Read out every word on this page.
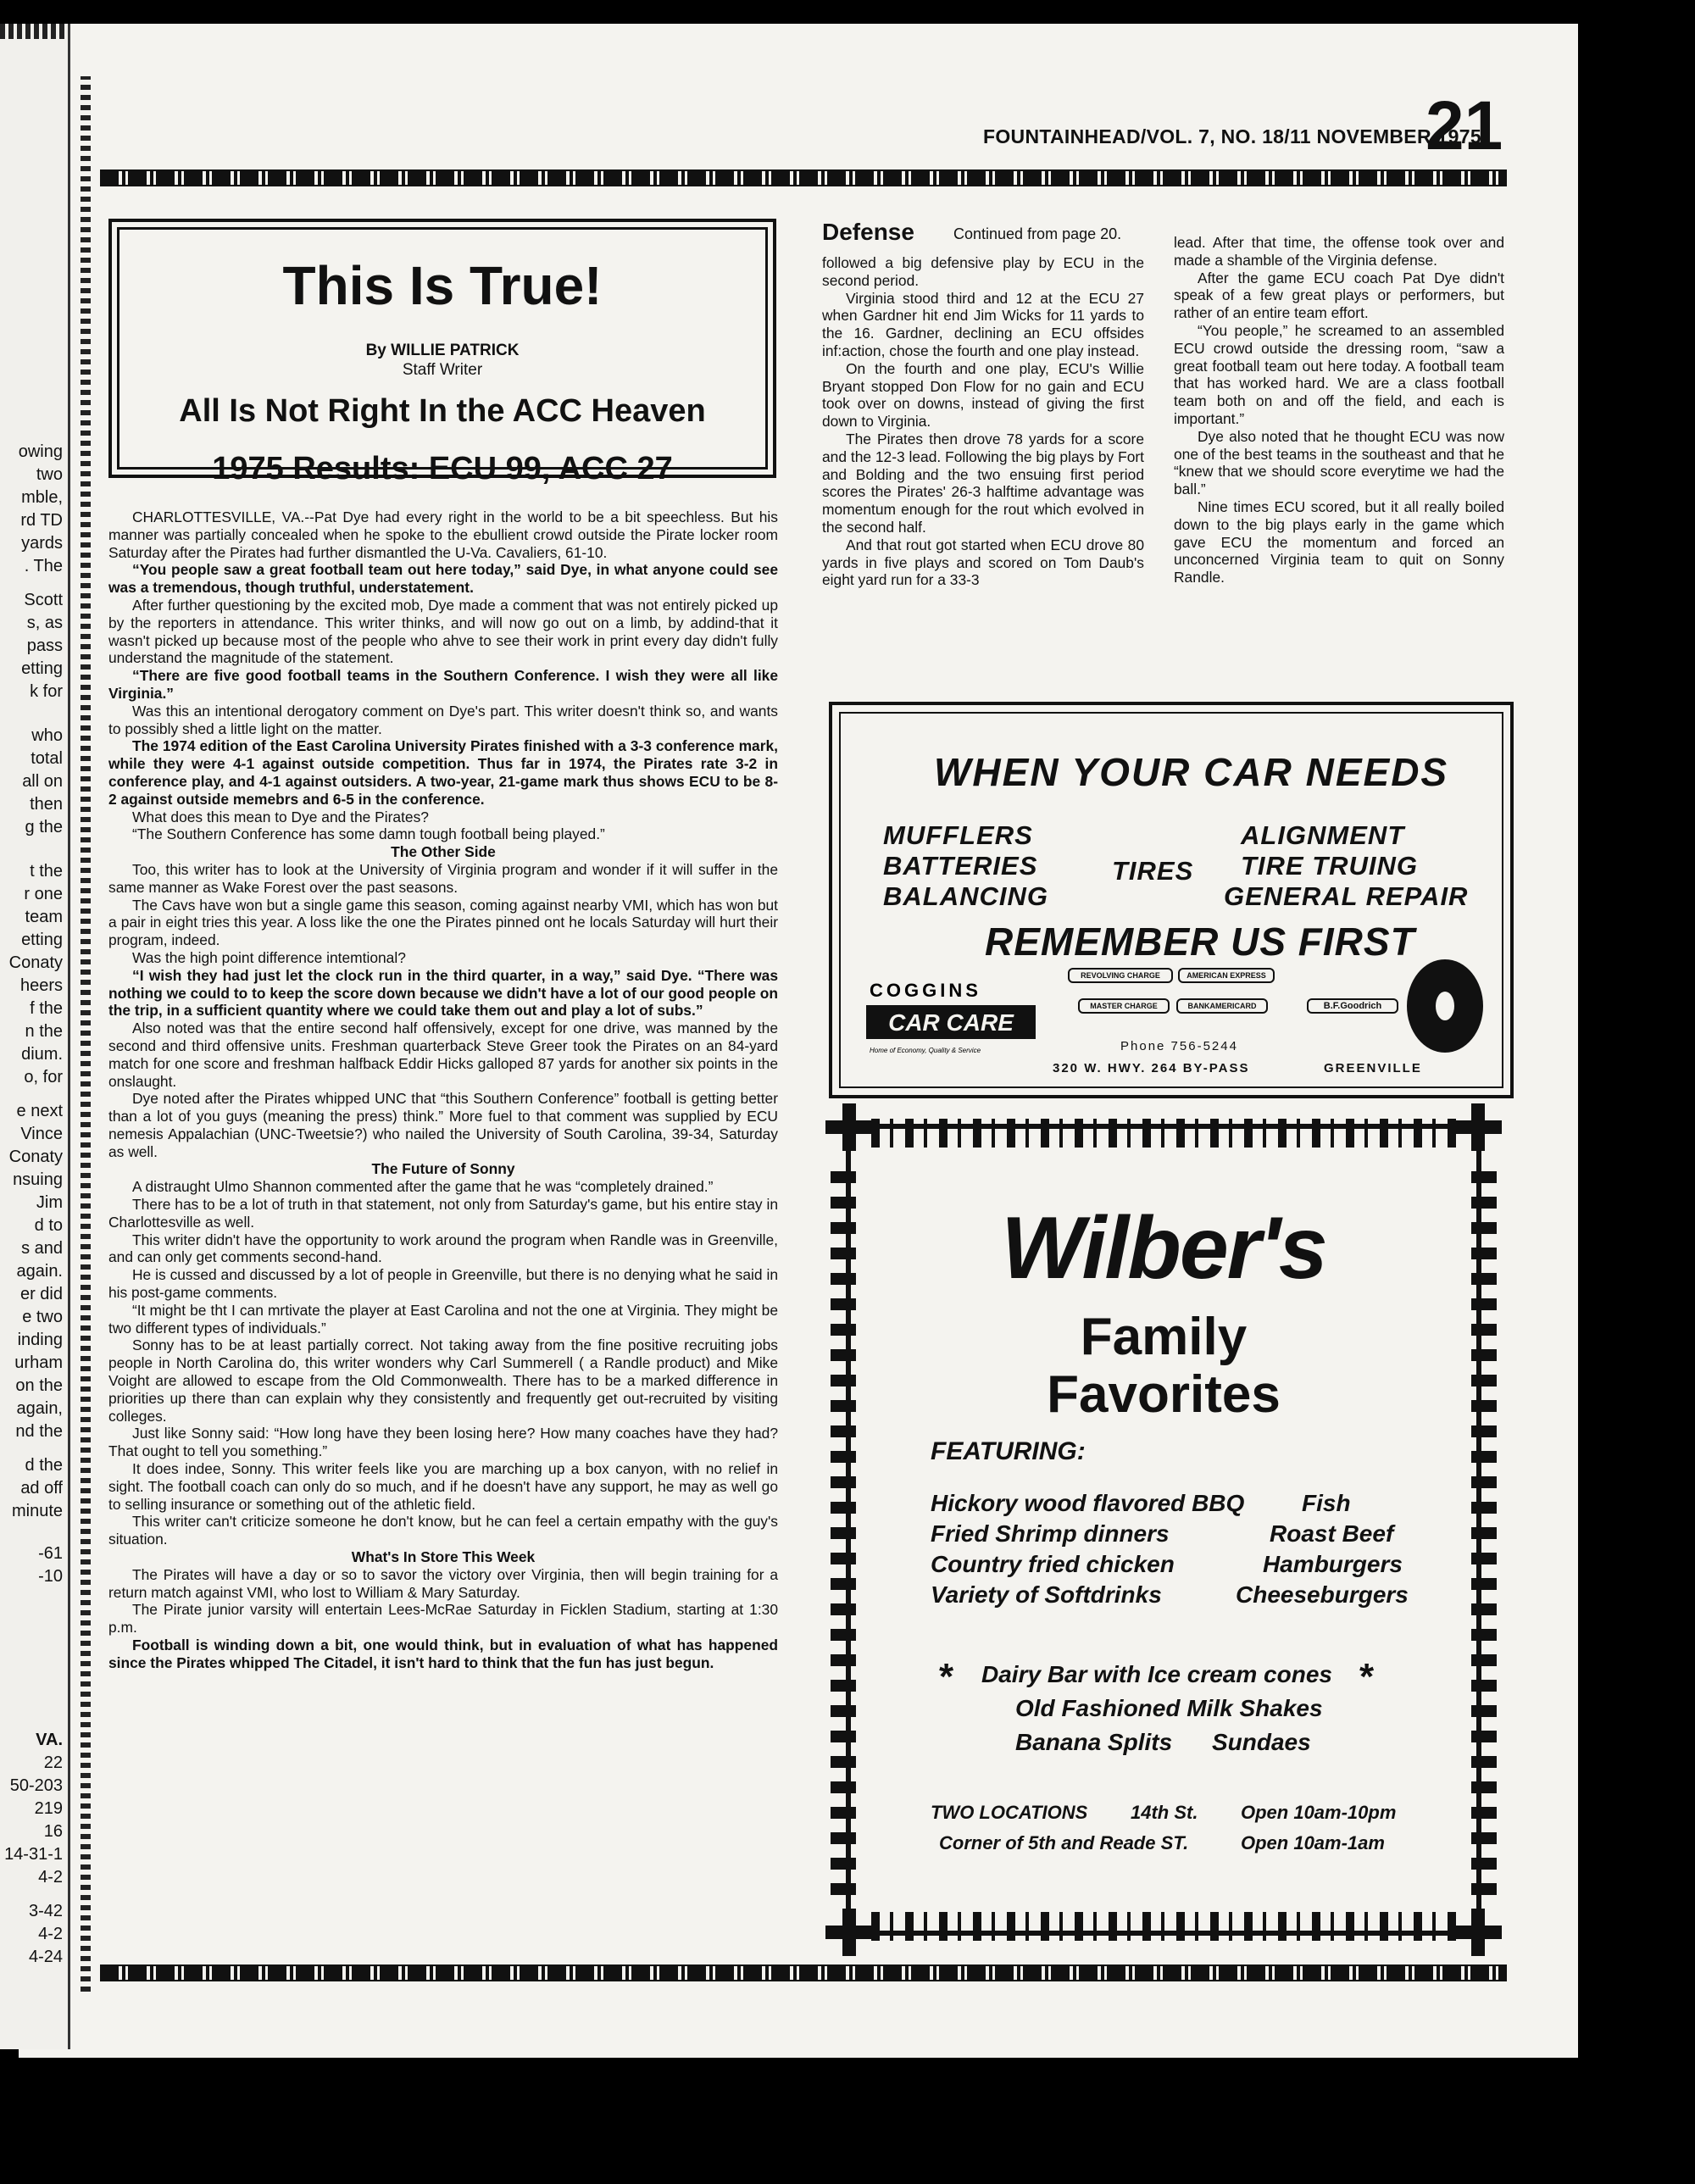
owing
two
mble,
rd TD
yards
. The
Scott
s, as
pass
etting
k for
who
total
all on
then
g the
t the
r one
team
etting
Conaty
heers
f the
n the
dium.
o, for
e next
Vince
Conaty
nsuing
Jim
d to
s and
again.
er did
e two
inding
urham
on the
again,
nd the
d the
ad off
minute
-61
-10
VA.
22
50-203
219
16
14-31-1
4-2
3-42
4-2
4-24
FOUNTAINHEAD/VOL. 7, NO. 18/11 NOVEMBER 1975
21
This Is True!
By WILLIE PATRICK
Staff Writer
All Is Not Right In the ACC Heaven
1975 Results: ECU 99, ACC 27

CHARLOTTESVILLE, VA.--Pat Dye had every right in the world to be a bit speechless. But his manner was partially concealed when he spoke to the ebullient crowd outside the Pirate locker room Saturday after the Pirates had further dismantled the U-Va. Cavaliers, 61-10.

“You people saw a great football team out here today,” said Dye, in what anyone could see was a tremendous, though truthful, understatement.

After further questioning by the excited mob, Dye made a comment that was not entirely picked up by the reporters in attendance. This writer thinks, and will now go out on a limb, by addind-that it wasn't picked up because most of the people who ahve to see their work in print every day didn't fully understand the magnitude of the statement.

“There are five good football teams in the Southern Conference. I wish they were all like Virginia.”

Was this an intentional derogatory comment on Dye's part. This writer doesn't think so, and wants to possibly shed a little light on the matter.

The 1974 edition of the East Carolina University Pirates finished with a 3-3 conference mark, while they were 4-1 against outside competition. Thus far in 1974, the Pirates rate 3-2 in conference play, and 4-1 against outsiders. A two-year, 21-game mark thus shows ECU to be 8-2 against outside memebrs and 6-5 in the conference.

What does this mean to Dye and the Pirates?

“The Southern Conference has some damn tough football being played.”

The Other Side

Too, this writer has to look at the University of Virginia program and wonder if it will suffer in the same manner as Wake Forest over the past seasons.

The Cavs have won but a single game this season, coming against nearby VMI, which has won but a pair in eight tries this year. A loss like the one the Pirates pinned ont he locals Saturday will hurt their program, indeed.

Was the high point difference intemtional?

“I wish they had just let the clock run in the third quarter, in a way,” said Dye. “There was nothing we could to to keep the score down because we didn't have a lot of our good people on the trip, in a sufficient quantity where we could take them out and play a lot of subs.”

Also noted was that the entire second half offensively, except for one drive, was manned by the second and third offensive units. Freshman quarterback Steve Greer took the Pirates on an 84-yard match for one score and freshman halfback Eddir Hicks galloped 87 yards for another six points in the onslaught.

Dye noted after the Pirates whipped UNC that “this Southern Conference” football is getting better than a lot of you guys (meaning the press) think.” More fuel to that comment was supplied by ECU nemesis Appalachian (UNC-Tweetsie?) who nailed the University of South Carolina, 39-34, Saturday as well.

The Future of Sonny

A distraught Ulmo Shannon commented after the game that he was “completely drained.”

There has to be a lot of truth in that statement, not only from Saturday's game, but his entire stay in Charlottesville as well.

This writer didn't have the opportunity to work around the program when Randle was in Greenville, and can only get comments second-hand.

He is cussed and discussed by a lot of people in Greenville, but there is no denying what he said in his post-game comments.

“It might be tht I can mrtivate the player at East Carolina and not the one at Virginia. They might be two different types of individuals.”

Sonny has to be at least partially correct. Not taking away from the fine positive recruiting jobs people in North Carolina do, this writer wonders why Carl Summerell ( a Randle product) and Mike Voight are allowed to escape from the Old Commonwealth. There has to be a marked difference in priorities up there than can explain why they consistently and frequently get out-recruited by visiting colleges.

Just like Sonny said: “How long have they been losing here? How many coaches have they had? That ought to tell you something.”

It does indee, Sonny. This writer feels like you are marching up a box canyon, with no relief in sight. The football coach can only do so much, and if he doesn't have any support, he may as well go to selling insurance or something out of the athletic field.

This writer can't criticize someone he don't know, but he can feel a certain empathy with the guy's situation.

What's In Store This Week

The Pirates will have a day or so to savor the victory over Virginia, then will begin training for a return match against VMI, who lost to William & Mary Saturday.

The Pirate junior varsity will entertain Lees-McRae Saturday in Ficklen Stadium, starting at 1:30 p.m.

Football is winding down a bit, one would think, but in evaluation of what has happened since the Pirates whipped The Citadel, it isn't hard to think that the fun has just begun.

Defense	Continued from page 20.

followed a big defensive play by ECU in the second period.

Virginia stood third and 12 at the ECU 27 when Gardner hit end Jim Wicks for 11 yards to the 16. Gardner, declining an ECU offsides inf:action, chose the fourth and one play instead.

On the fourth and one play, ECU's Willie Bryant stopped Don Flow for no gain and ECU took over on downs, instead of giving the first down to Virginia.

The Pirates then drove 78 yards for a score and the 12-3 lead. Following the big plays by Fort and Bolding and the two ensuing first period scores the Pirates' 26-3 halftime advantage was momentum enough for the rout which evolved in the second half.

And that rout got started when ECU drove 80 yards in five plays and scored on Tom Daub's eight yard run for a 33-3

lead. After that time, the offense took over and made a shamble of the Virginia defense.

After the game ECU coach Pat Dye didn't speak of a few great plays or performers, but rather of an entire team effort.

“You people,” he screamed to an assembled ECU crowd outside the dressing room, “saw a great football team out here today. A football team that has worked hard. We are a class football team both on and off the field, and each is important.”

Dye also noted that he thought ECU was now one of the best teams in the southeast and that he “knew that we should score everytime we had the ball.”

Nine times ECU scored, but it all really boiled down to the big plays early in the game which gave ECU the momentum and forced an unconcerned Virginia team to quit on Sonny Randle.

WHEN YOUR CAR NEEDS
MUFFLERS
BATTERIES
BALANCING
TIRES
ALIGNMENT
TIRE TRUING
GENERAL REPAIR
REMEMBER US FIRST
COGGINS
CAR CARE
Home of Economy, Quality & Service
REVOLVING CHARGE	AMERICAN EXPRESS
MASTER CHARGE	BANKAMERICARD	B.F.Goodrich
Phone 756-5244
320 W. HWY. 264 BY-PASS	GREENVILLE
Wilber's
Family
Favorites
FEATURING:
Hickory wood flavored BBQ
Fried Shrimp dinners
Country fried chicken
Variety of Softdrinks
Fish
Roast Beef
Hamburgers
Cheeseburgers
* Dairy Bar with Ice cream cones *
Old Fashioned Milk Shakes
Banana Splits Sundaes
TWO LOCATIONS 14th St. Open 10am-10pm
Corner of 5th and Reade ST.	Open 10am-1am
